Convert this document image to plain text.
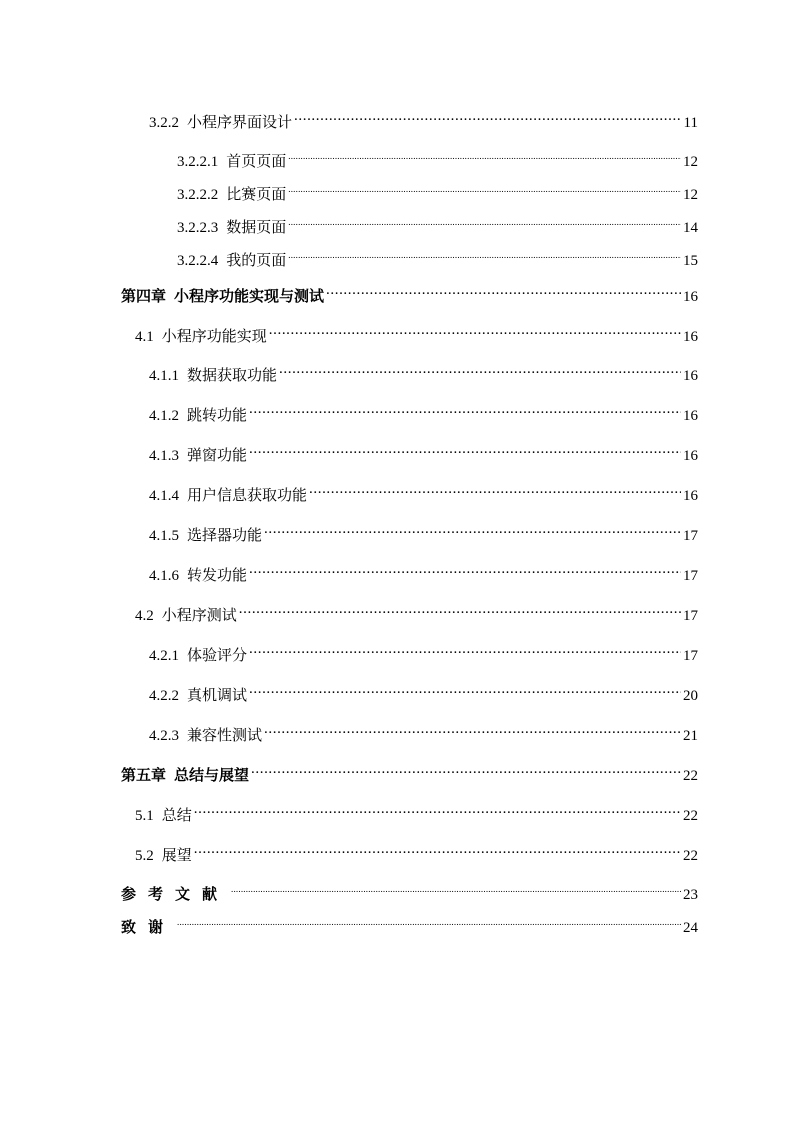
3.2.2 小程序界面设计 .....	11
3.2.2.1 首页页面 .....	12
3.2.2.2 比赛页面 .....	12
3.2.2.3 数据页面 .....	14
3.2.2.4 我的页面 .....	15
第四章 小程序功能实现与测试 .....	16
4.1 小程序功能实现 .....	16
4.1.1 数据获取功能 .....	16
4.1.2 跳转功能 .....	16
4.1.3 弹窗功能 .....	16
4.1.4 用户信息获取功能 .....	16
4.1.5 选择器功能 .....	17
4.1.6 转发功能 .....	17
4.2 小程序测试 .....	17
4.2.1 体验评分 .....	17
4.2.2 真机调试 .....	20
4.2.3 兼容性测试 .....	21
第五章 总结与展望 .....	22
5.1 总结 .....	22
5.2 展望 .....	22
参考文献 .....	23
致谢 .....	24
